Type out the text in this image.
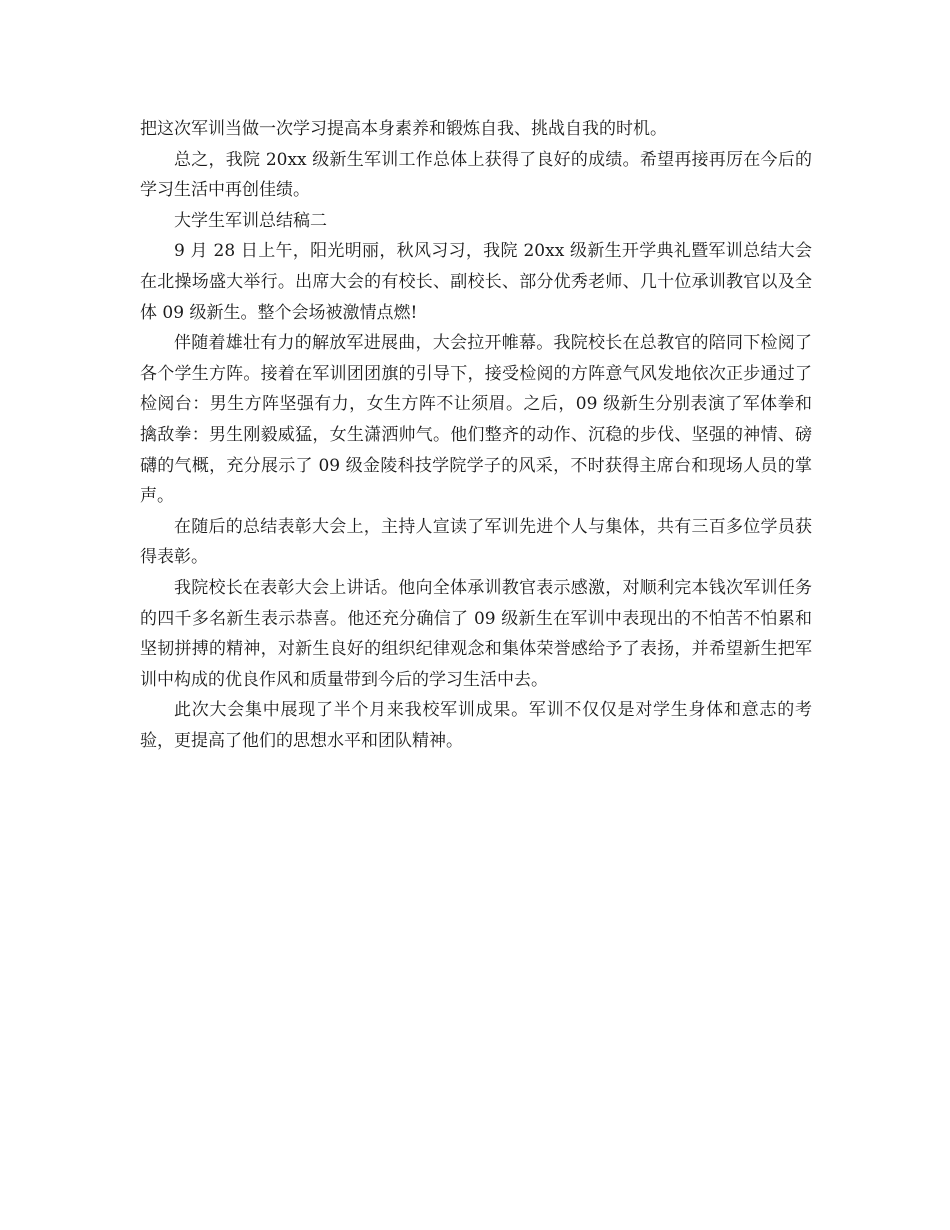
把这次军训当做一次学习提高本身素养和锻炼自我、挑战自我的时机。

总之，我院 20xx 级新生军训工作总体上获得了良好的成绩。希望再接再厉在今后的学习生活中再创佳绩。

大学生军训总结稿二

9 月 28 日上午，阳光明丽，秋风习习，我院 20xx 级新生开学典礼暨军训总结大会在北操场盛大举行。出席大会的有校长、副校长、部分优秀老师、几十位承训教官以及全体 09 级新生。整个会场被激情点燃!

伴随着雄壮有力的解放军进展曲，大会拉开帷幕。我院校长在总教官的陪同下检阅了各个学生方阵。接着在军训团团旗的引导下，接受检阅的方阵意气风发地依次正步通过了检阅台：男生方阵坚强有力，女生方阵不让须眉。之后，09 级新生分别表演了军体拳和擒敌拳：男生刚毅威猛，女生潇洒帅气。他们整齐的动作、沉稳的步伐、坚强的神情、磅礴的气概，充分展示了 09 级金陵科技学院学子的风采，不时获得主席台和现场人员的掌声。

在随后的总结表彰大会上，主持人宣读了军训先进个人与集体，共有三百多位学员获得表彰。

我院校长在表彰大会上讲话。他向全体承训教官表示感激，对顺利完本钱次军训任务的四千多名新生表示恭喜。他还充分确信了 09 级新生在军训中表现出的不怕苦不怕累和坚韧拼搏的精神，对新生良好的组织纪律观念和集体荣誉感给予了表扬，并希望新生把军训中构成的优良作风和质量带到今后的学习生活中去。

此次大会集中展现了半个月来我校军训成果。军训不仅仅是对学生身体和意志的考验，更提高了他们的思想水平和团队精神。
